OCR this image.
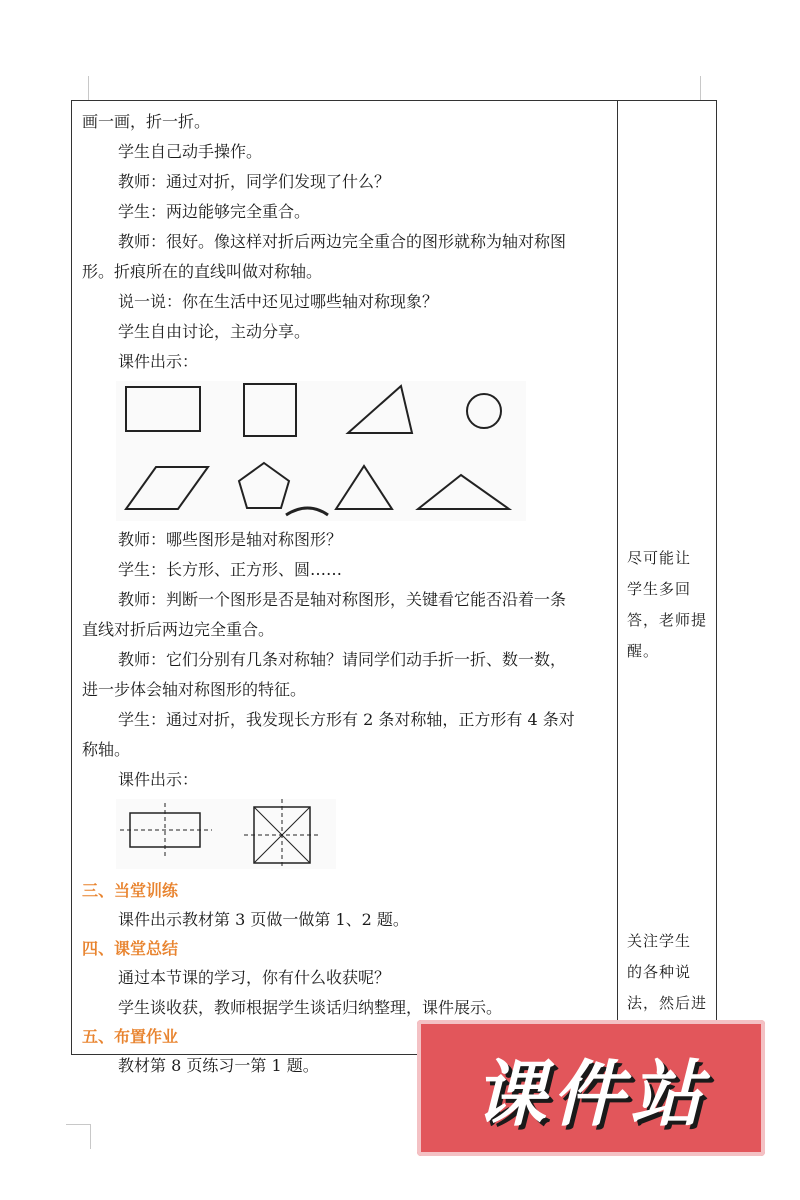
画一画，折一折。
学生自己动手操作。
教师：通过对折，同学们发现了什么？
学生：两边能够完全重合。
教师：很好。像这样对折后两边完全重合的图形就称为轴对称图
形。折痕所在的直线叫做对称轴。
说一说：你在生活中还见过哪些轴对称现象？
学生自由讨论，主动分享。
课件出示：
教师：哪些图形是轴对称图形？
学生：长方形、正方形、圆……
教师：判断一个图形是否是轴对称图形，关键看它能否沿着一条
直线对折后两边完全重合。
教师：它们分别有几条对称轴？请同学们动手折一折、数一数，
进一步体会轴对称图形的特征。
学生：通过对折，我发现长方形有 2 条对称轴，正方形有 4 条对
称轴。
课件出示：
三、当堂训练
课件出示教材第 3 页做一做第 1、2 题。
四、课堂总结
通过本节课的学习，你有什么收获呢？
学生谈收获，教师根据学生谈话归纳整理，课件展示。
五、布置作业
教材第 8 页练习一第 1 题。
尽可能让
学生多回
答，老师提
醒。
关注学生
的各种说
法，然后进
课件站
